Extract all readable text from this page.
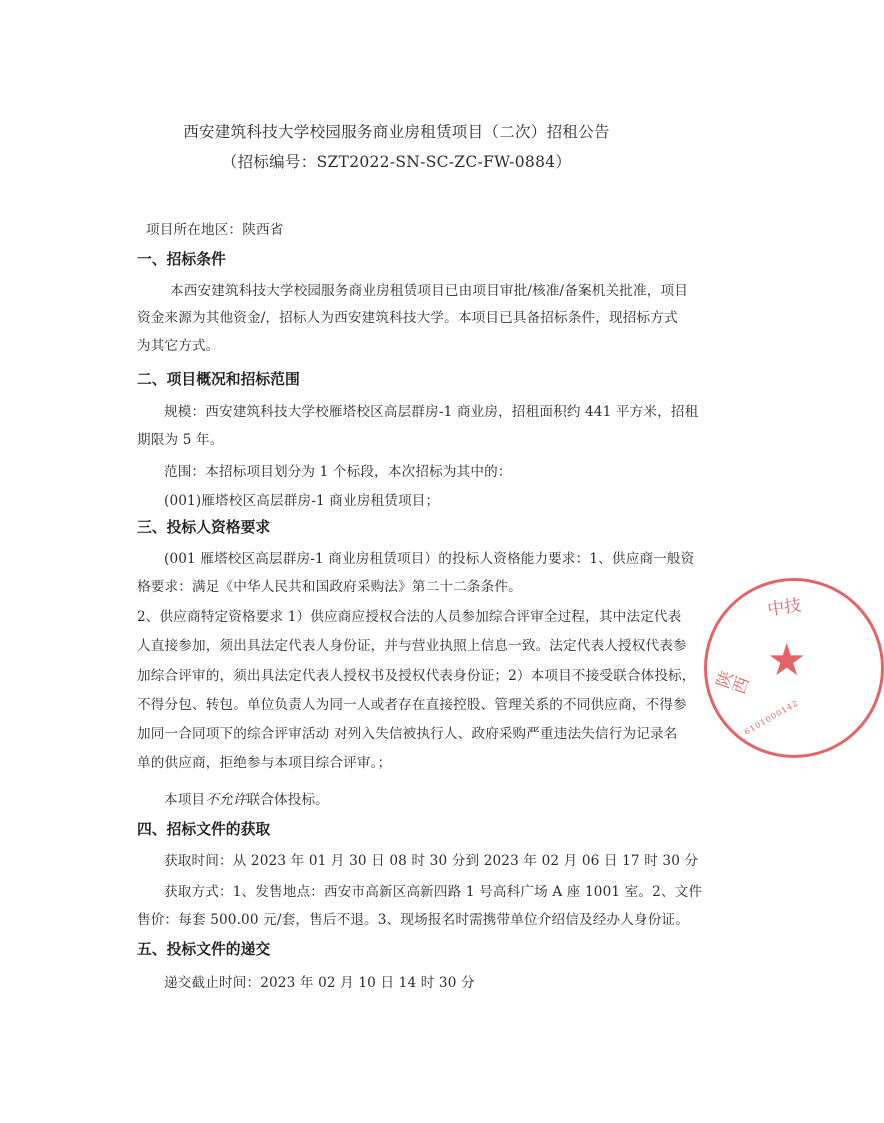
西安建筑科技大学校园服务商业房租赁项目（二次）招租公告
（招标编号：SZT2022-SN-SC-ZC-FW-0884）
项目所在地区：陕西省
一、招标条件
本西安建筑科技大学校园服务商业房租赁项目已由项目审批/核准/备案机关批准，项目
资金来源为其他资金/，招标人为西安建筑科技大学。本项目已具备招标条件，现招标方式
为其它方式。
二、项目概况和招标范围
规模：西安建筑科技大学校雁塔校区高层群房-1 商业房，招租面积约 441 平方米，招租
期限为 5 年。
范围：本招标项目划分为 1 个标段，本次招标为其中的：
(001)雁塔校区高层群房-1 商业房租赁项目；
三、投标人资格要求
(001 雁塔校区高层群房-1 商业房租赁项目）的投标人资格能力要求：1、供应商一般资
格要求：满足《中华人民共和国政府采购法》第二十二条条件。
2、供应商特定资格要求 1）供应商应授权合法的人员参加综合评审全过程，其中法定代表
人直接参加，须出具法定代表人身份证，并与营业执照上信息一致。法定代表人授权代表参
加综合评审的，须出具法定代表人授权书及授权代表身份证；2）本项目不接受联合体投标，
不得分包、转包。单位负责人为同一人或者存在直接控股、管理关系的不同供应商，不得参
加同一合同项下的综合评审活动 对列入失信被执行人、政府采购严重违法失信行为记录名
单的供应商，拒绝参与本项目综合评审。；
本项目不允许联合体投标。
四、招标文件的获取
获取时间：从 2023 年 01 月 30 日 08 时 30 分到 2023 年 02 月 06 日 17 时 30 分
获取方式：1、发售地点：西安市高新区高新四路 1 号高科广场 A 座 1001 室。2、文件
售价：每套 500.00 元/套，售后不退。3、现场报名时需携带单位介绍信及经办人身份证。
五、投标文件的递交
递交截止时间：2023 年 02 月 10 日 14 时 30 分
中技
陕西 ★
6101000142
